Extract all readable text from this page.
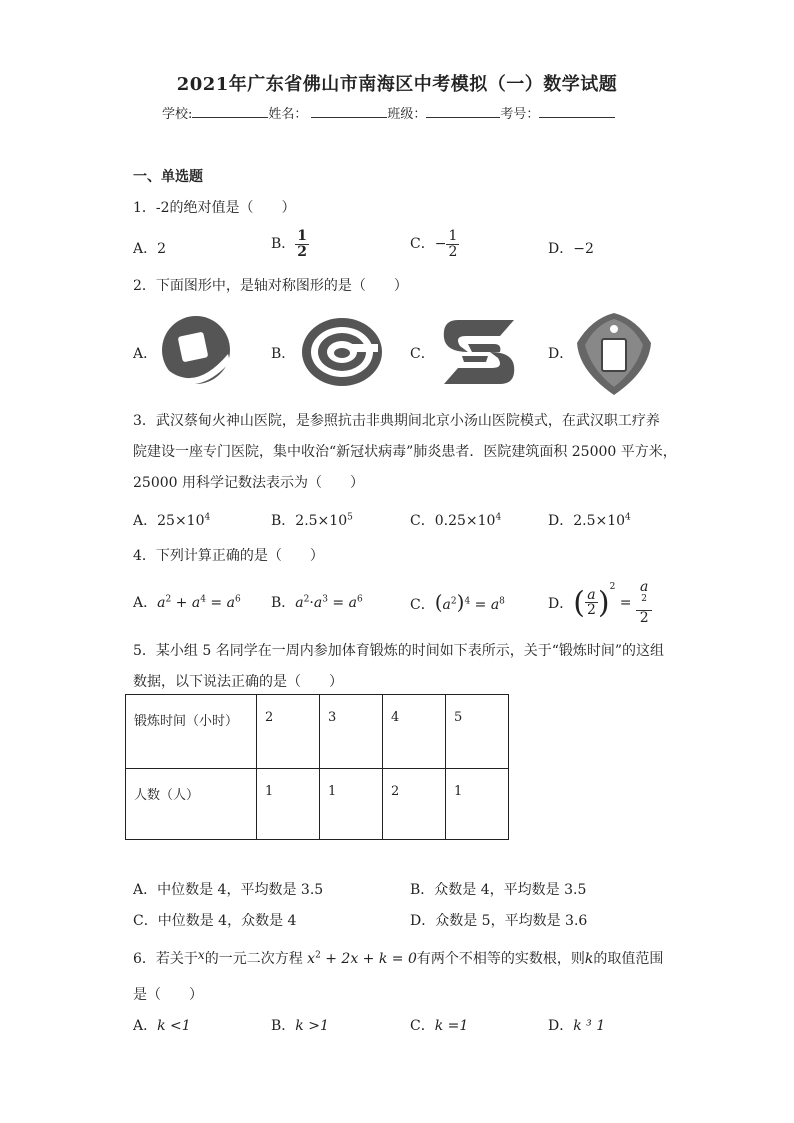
2021年广东省佛山市南海区中考模拟（一）数学试题
学校:	姓名：	班级：	考号：
一、单选题
1．-2的绝对值是（　　）
A．2	B． $\frac{1}{2}$	C．− $\frac{1}{2}$	D．−2
2．下面图形中，是轴对称图形的是（　　）
A．	B．	C．	D．
3．武汉蔡甸火神山医院，是参照抗击非典期间北京小汤山医院模式，在武汉职工疗养
院建设一座专门医院，集中收治“新冠状病毒”肺炎患者．医院建筑面积 25000 平方米，
25000 用科学记数法表示为（　　）
A．$25\times 10^4$	B．$2.5\times 10^5$	C．$0.25\times 10^4$	D．$2.5\times 10^4$
4．下列计算正确的是（　　）
A．$a^2 + a^4 = a^6$ B．$a^2\cdot a^3 = a^6$	C．$(a^2)^4 = a^8$	D．( $\frac{a}{2} )^2 = a$
$^2$
2
5．某小组 5 名同学在一周内参加体育锻炼的时间如下表所示，关于“锻炼时间”的这组
数据，以下说法正确的是（　　）
锻炼时间（小时）	2	3	4	5
人数（人）	1	1	2	1
A．中位数是 4，平均数是 3.5	B．众数是 4，平均数是 3.5
C．中位数是 4，众数是 4	D．众数是 5，平均数是 3.6
6．若关于x的一元二次方程 $x^2 + 2x + k = 0$有两个不相等的实数根，则k的取值范围
是（　　）
A．k <1	B．k >1	C．k =1	D．k ³ 1
